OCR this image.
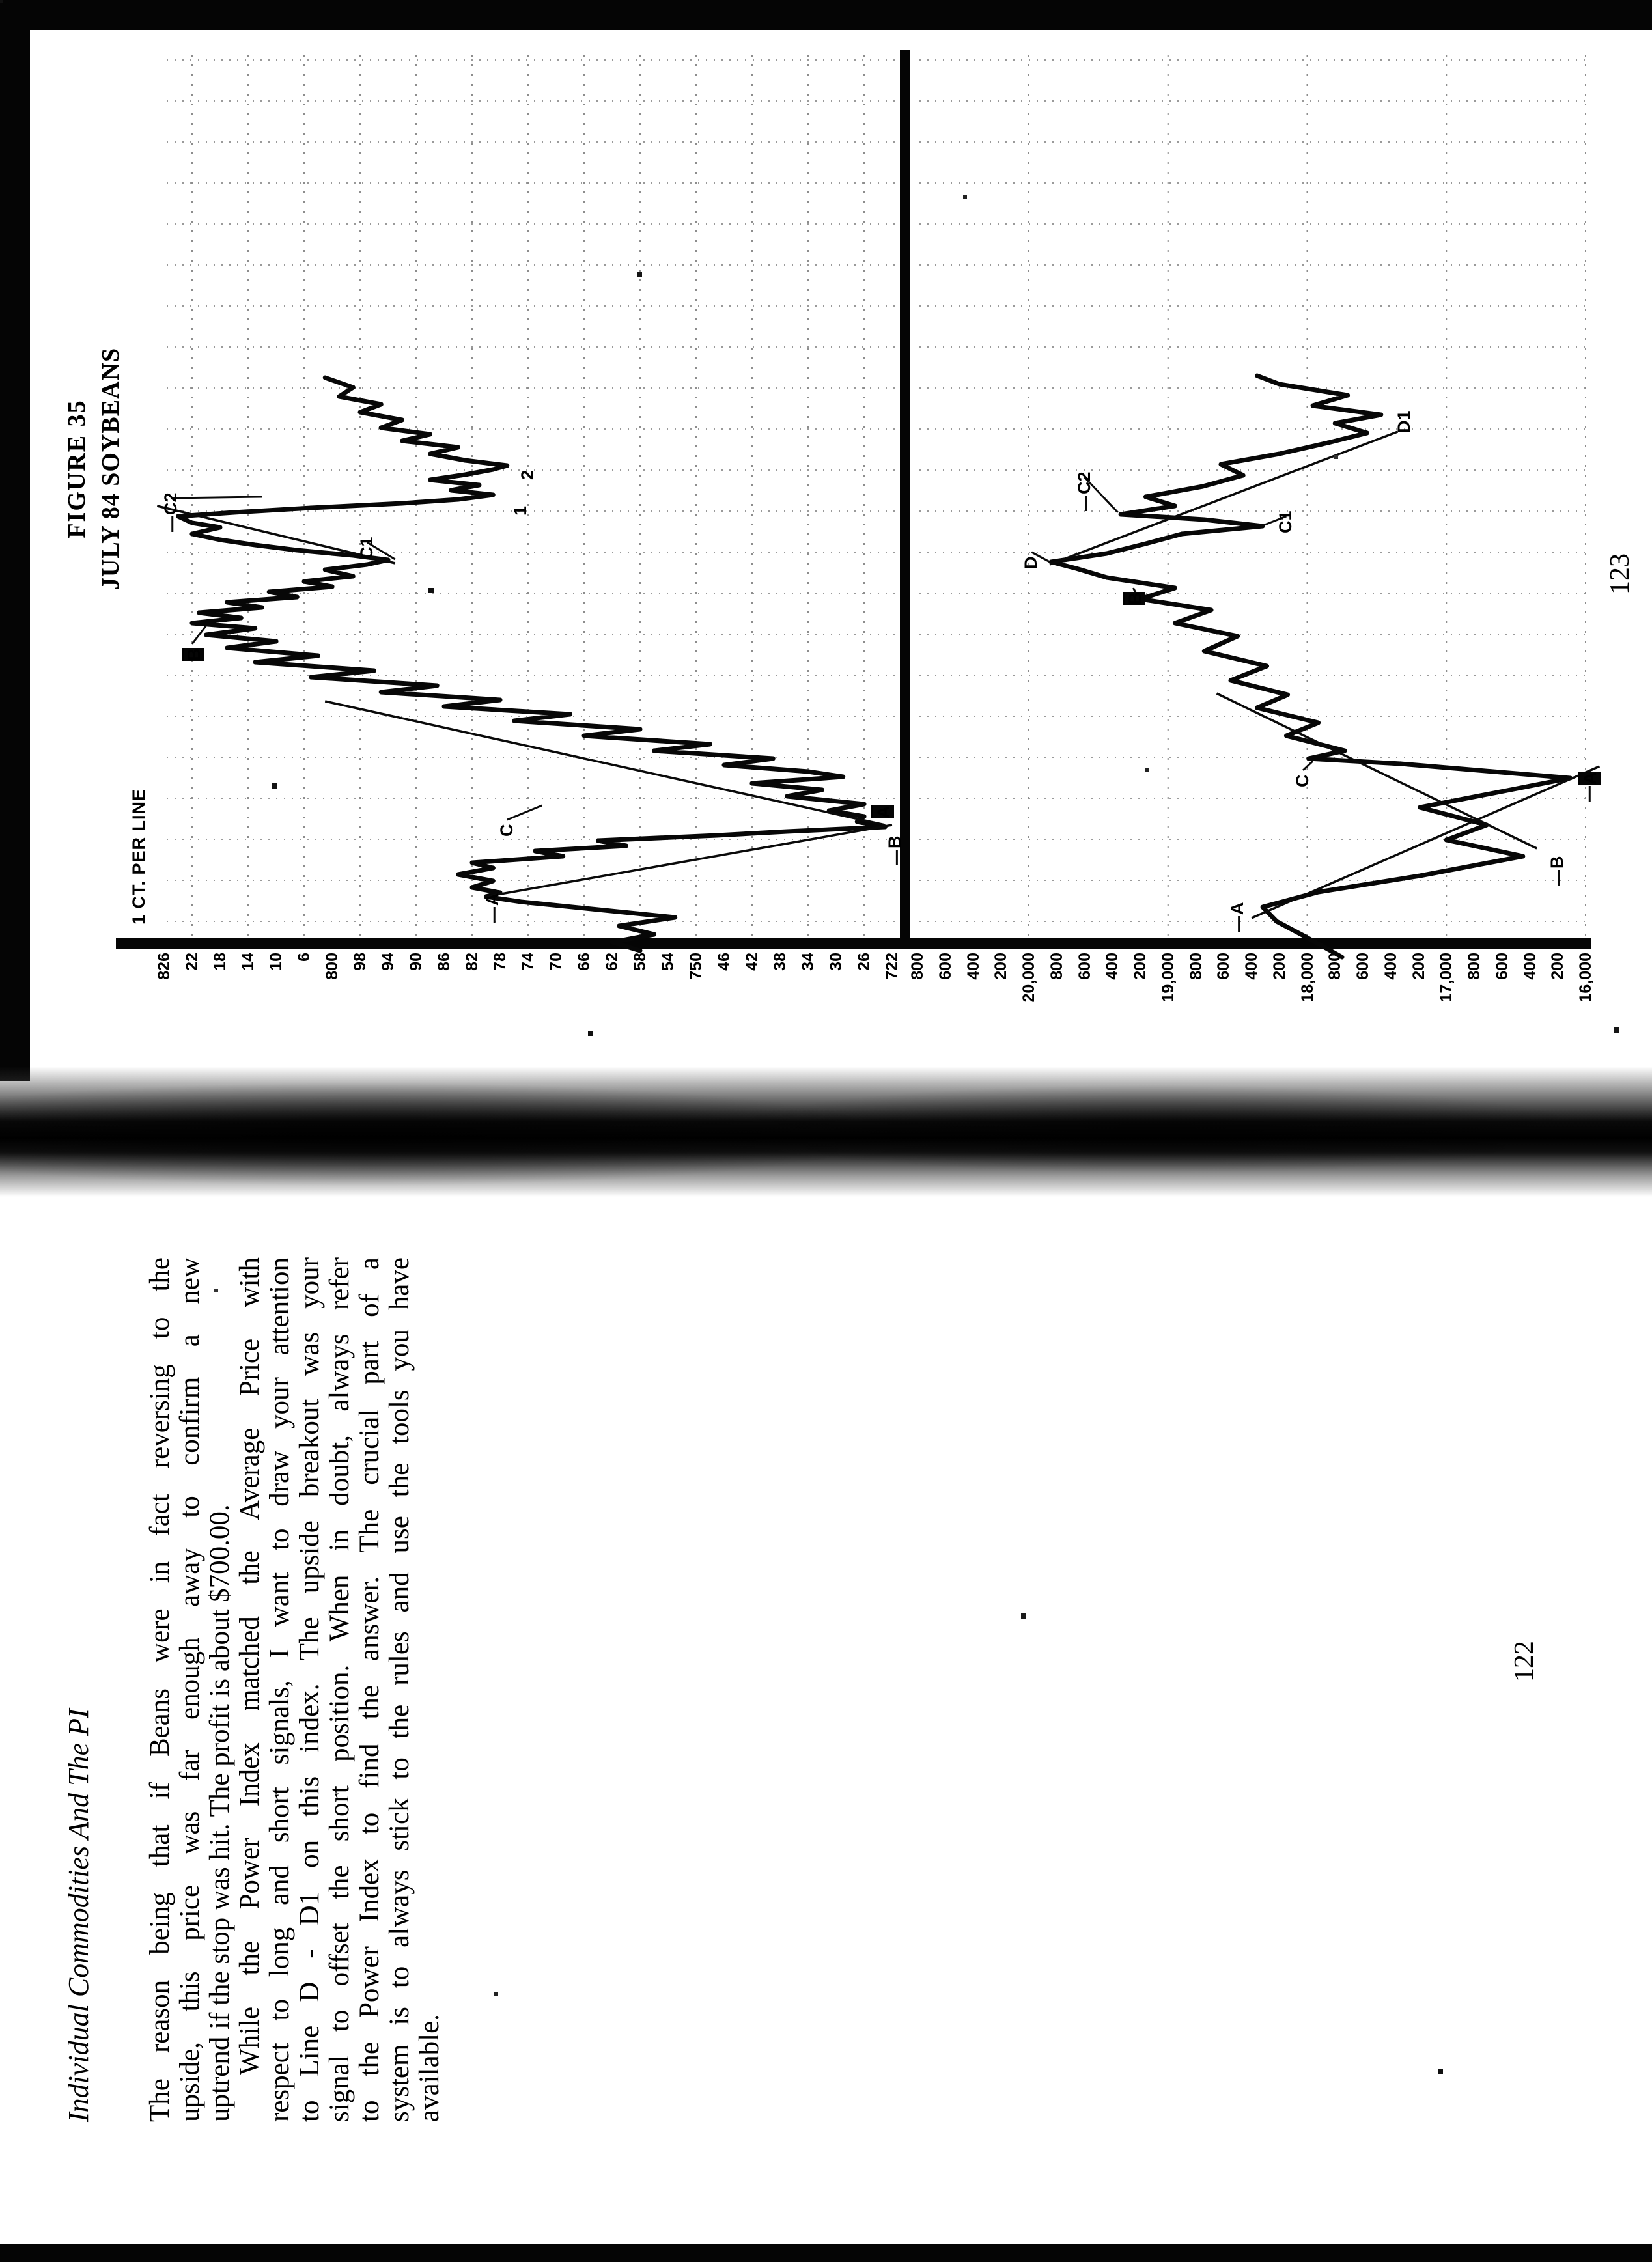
FIGURE 35 JULY 84 SOYBEANS
1 CT. PER LINE
826 22 18 14 10 6 800 98 94 90 86 82 78 74 70 66 62 58 54 750 46 42 38 34 30 26 722 800 600 400 200 20,000 800 600 400 200 19,000 800 600 400 200 18,000 800 600 400 200 17,000 800 600 400 200 16,000
C2
B
C1
1
2
C
A
B
A
C2
D
B
C1
D1
C
A
B
A
123
Individual Commodities And The PI The reason being that if Beans were in fact reversing to the upside, this price was far enough away to confirm a new uptrend if the stop was hit. The profit is about $700.00. While the Power Index matched the Average Price with respect to long and short signals, I want to draw your attention to Line D - D1 on this index. The upside breakout was your signal to offset the short position. When in doubt, always refer to the Power Index to find the answer. The crucial part of a system is to always stick to the rules and use the tools you have available.
122
